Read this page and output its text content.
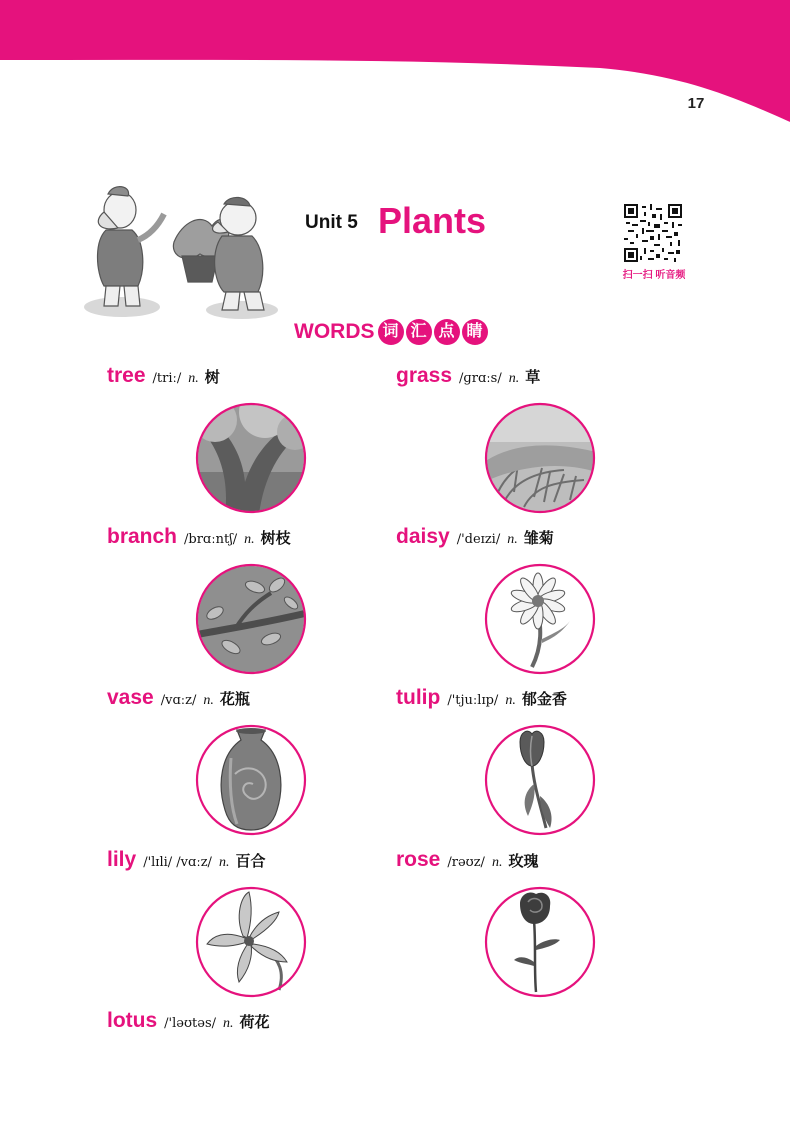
Unit 5 Plants
17
Unit 5 Plants
扫一扫 听音频
WORDS 词 汇 点 睛
tree /triː/ n. 树	grass /ɡrɑːs/ n. 草
branch /brɑːntʃ/ n. 树枝	daisy /'deɪzi/ n. 雏菊
vase /vɑːz/ n. 花瓶	tulip /'tjuːlɪp/ n. 郁金香
lily /'lɪli/ /vɑːz/ n. 百合	rose /rəʊz/ n. 玫瑰
lotus /'ləʊtəs/ n. 荷花
